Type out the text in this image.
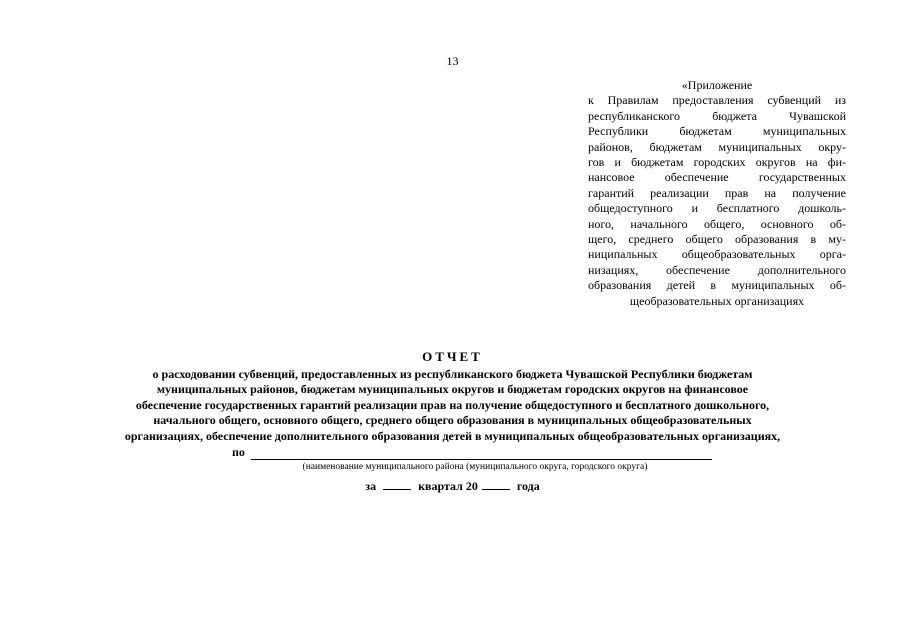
13
«Приложение
к Правилам предоставления субвенций из
республиканского бюджета Чувашской
Республики бюджетам муниципальных
районов, бюджетам муниципальных окру-
гов и бюджетам городских округов на фи-
нансовое обеспечение государственных
гарантий реализации прав на получение
общедоступного и бесплатного дошколь-
ного, начального общего, основного об-
щего, среднего общего образования в му-
ниципальных общеобразовательных орга-
низациях, обеспечение дополнительного
образования детей в муниципальных об-
щеобразовательных организациях
ОТЧЕТ
о расходовании субвенций, предоставленных из республиканского бюджета Чувашской Республики бюджетам
муниципальных районов, бюджетам муниципальных округов и бюджетам городских округов на финансовое
обеспечение государственных гарантий реализации прав на получение общедоступного и бесплатного дошкольного,
начального общего, основного общего, среднего общего образования в муниципальных общеобразовательных
организациях, обеспечение дополнительного образования детей в муниципальных общеобразовательных организациях,
по
(наименование муниципального района (муниципального округа, городского округа)
за	квартал 20	года
